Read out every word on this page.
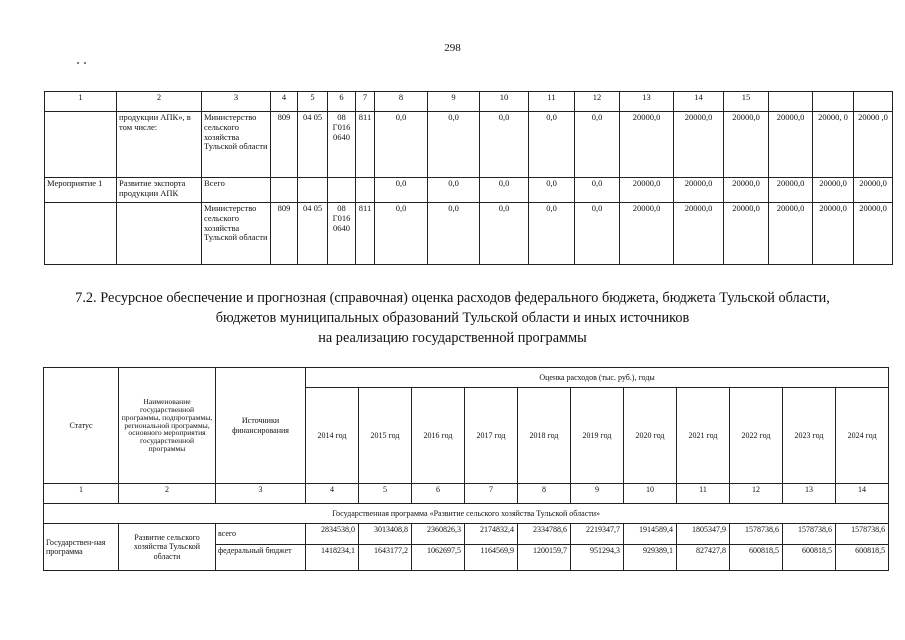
298
1	2	3	4	5	6	7	8	9	10	11	12	13	14	15			
	продукции АПК», в том числе:	Министерство сельского хозяйства Тульской области	809	04 05	08 Г016 0640	811	0,0	0,0	0,0	0,0	0,0	20000,0	20000,0	20000,0	20000,0	20000, 0	20000 ,0
Мероприятие 1	Развитие экспорта продукции АПК	Всего					0,0	0,0	0,0	0,0	0,0	20000,0	20000,0	20000,0	20000,0	20000,0	20000,0
		Министерство сельского хозяйства Тульской области	809	04 05	08 Г016 0640	811	0,0	0,0	0,0	0,0	0,0	20000,0	20000,0	20000,0	20000,0	20000,0	20000,0
7.2. Ресурсное обеспечение и прогнозная (справочная) оценка расходов федерального бюджета, бюджета Тульской области,
бюджетов муниципальных образований Тульской области и иных источников
на реализацию государственной программы
Статус	Наименование государственной программы, подпрограммы, региональной программы, основного мероприятия государственной программы	Источники финансирования	Оценка расходов (тыс. руб.), годы										
			2014 год	2015 год	2016 год	2017 год	2018 год	2019 год	2020 год	2021 год	2022 год	2023 год	2024 год
1	2	3	4	5	6	7	8	9	10	11	12	13	14
Государственная программа «Развитие сельского хозяйства Тульской области»													
Государствен-ная программа	Развитие сельского хозяйства Тульской области	всего	2834538,0	3013408,8	2360826,3	2174832,4	2334788,6	2219347,7	1914589,4	1805347,9	1578738,6	1578738,6	1578738,6
		федеральный бюджет	1418234,1	1643177,2	1062697,5	1164569,9	1200159,7	951294,3	929389,1	827427,8	600818,5	600818,5	600818,5
